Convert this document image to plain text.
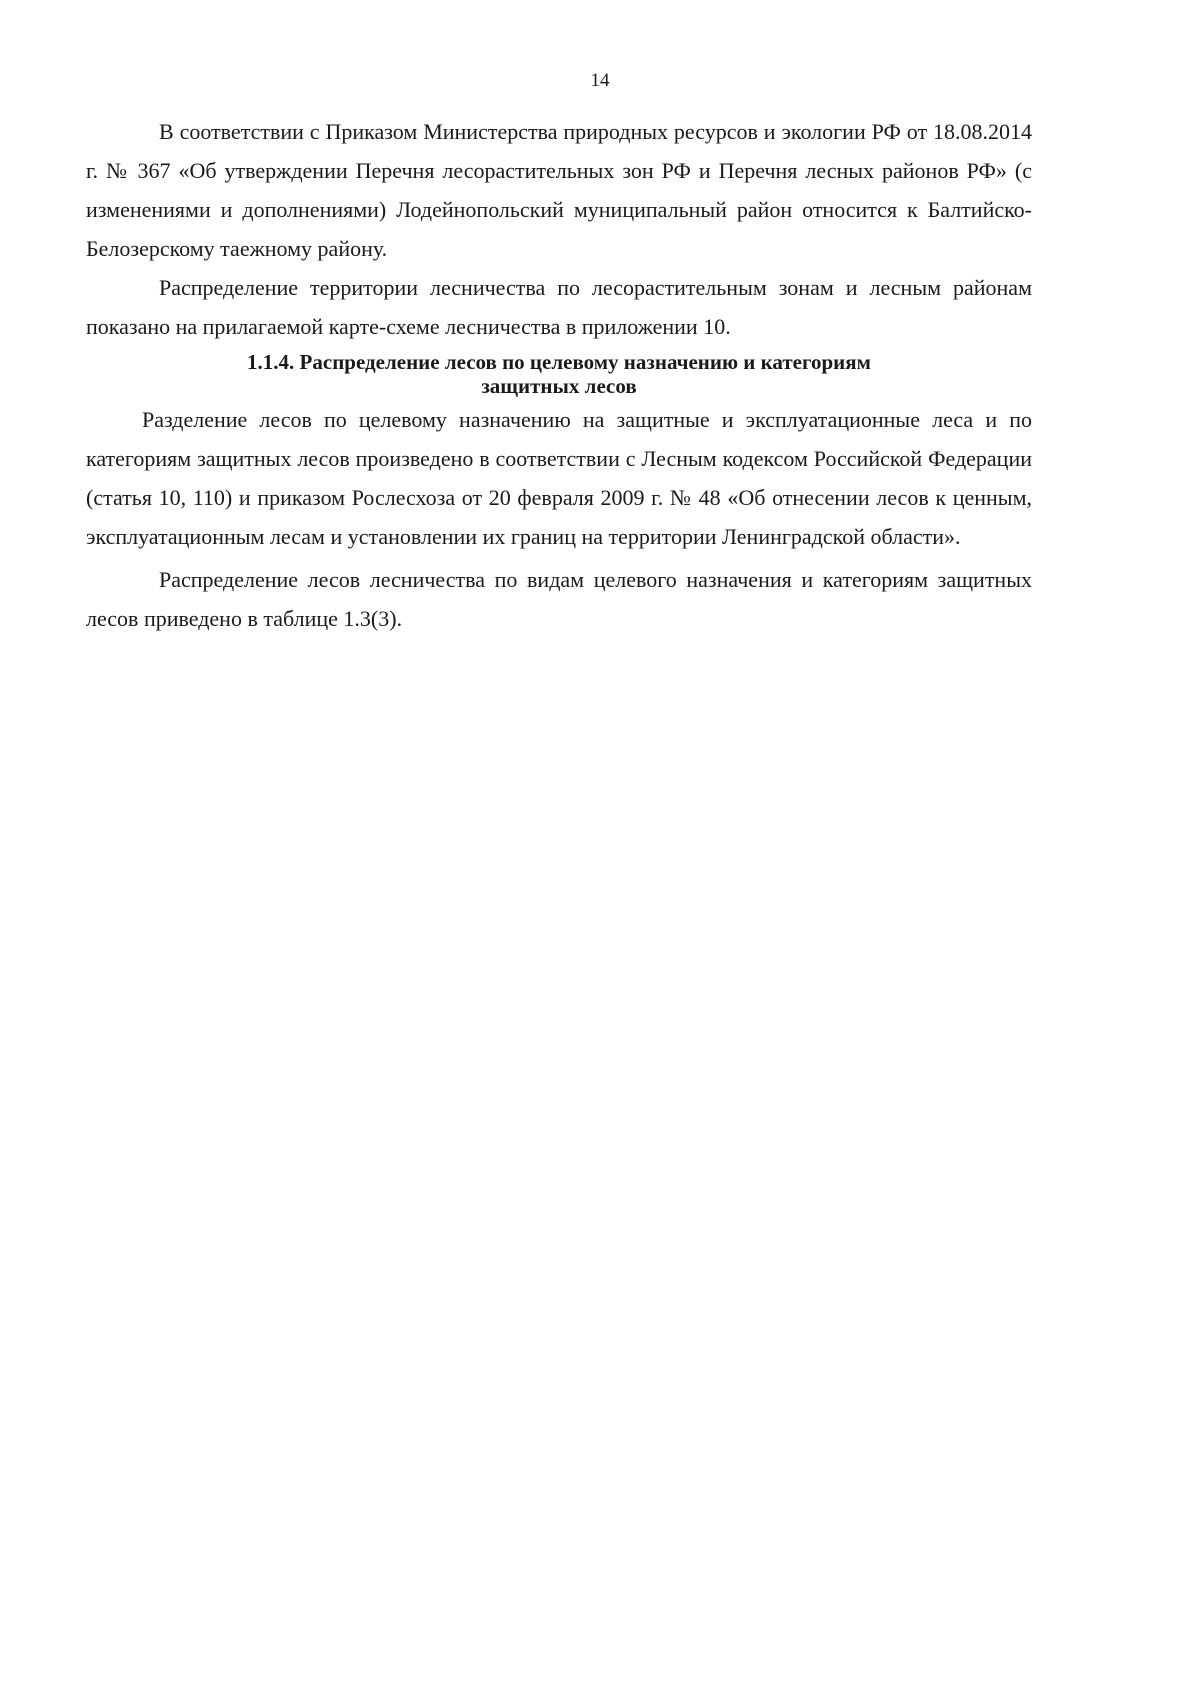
14

В соответствии с Приказом Министерства природных ресурсов и экологии РФ от 18.08.2014 г. № 367 «Об утверждении Перечня лесорастительных зон РФ и Перечня лесных районов РФ» (с изменениями и дополнениями) Лодейнопольский муниципальный район относится к Балтийско-Белозерскому таежному району.

Распределение территории лесничества по лесорастительным зонам и лесным районам показано на прилагаемой карте-схеме лесничества в приложении 10.

1.1.4. Распределение лесов по целевому назначению и категориям
защитных лесов

Разделение лесов по целевому назначению на защитные и эксплуатационные леса и по категориям защитных лесов произведено в соответствии с Лесным кодексом Российской Федерации (статья 10, 110) и приказом Рослесхоза от 20 февраля 2009 г. № 48 «Об отнесении лесов к ценным, эксплуатационным лесам и установлении их границ на территории Ленинградской области».

Распределение лесов лесничества по видам целевого назначения и категориям защитных лесов приведено в таблице 1.3(3).
